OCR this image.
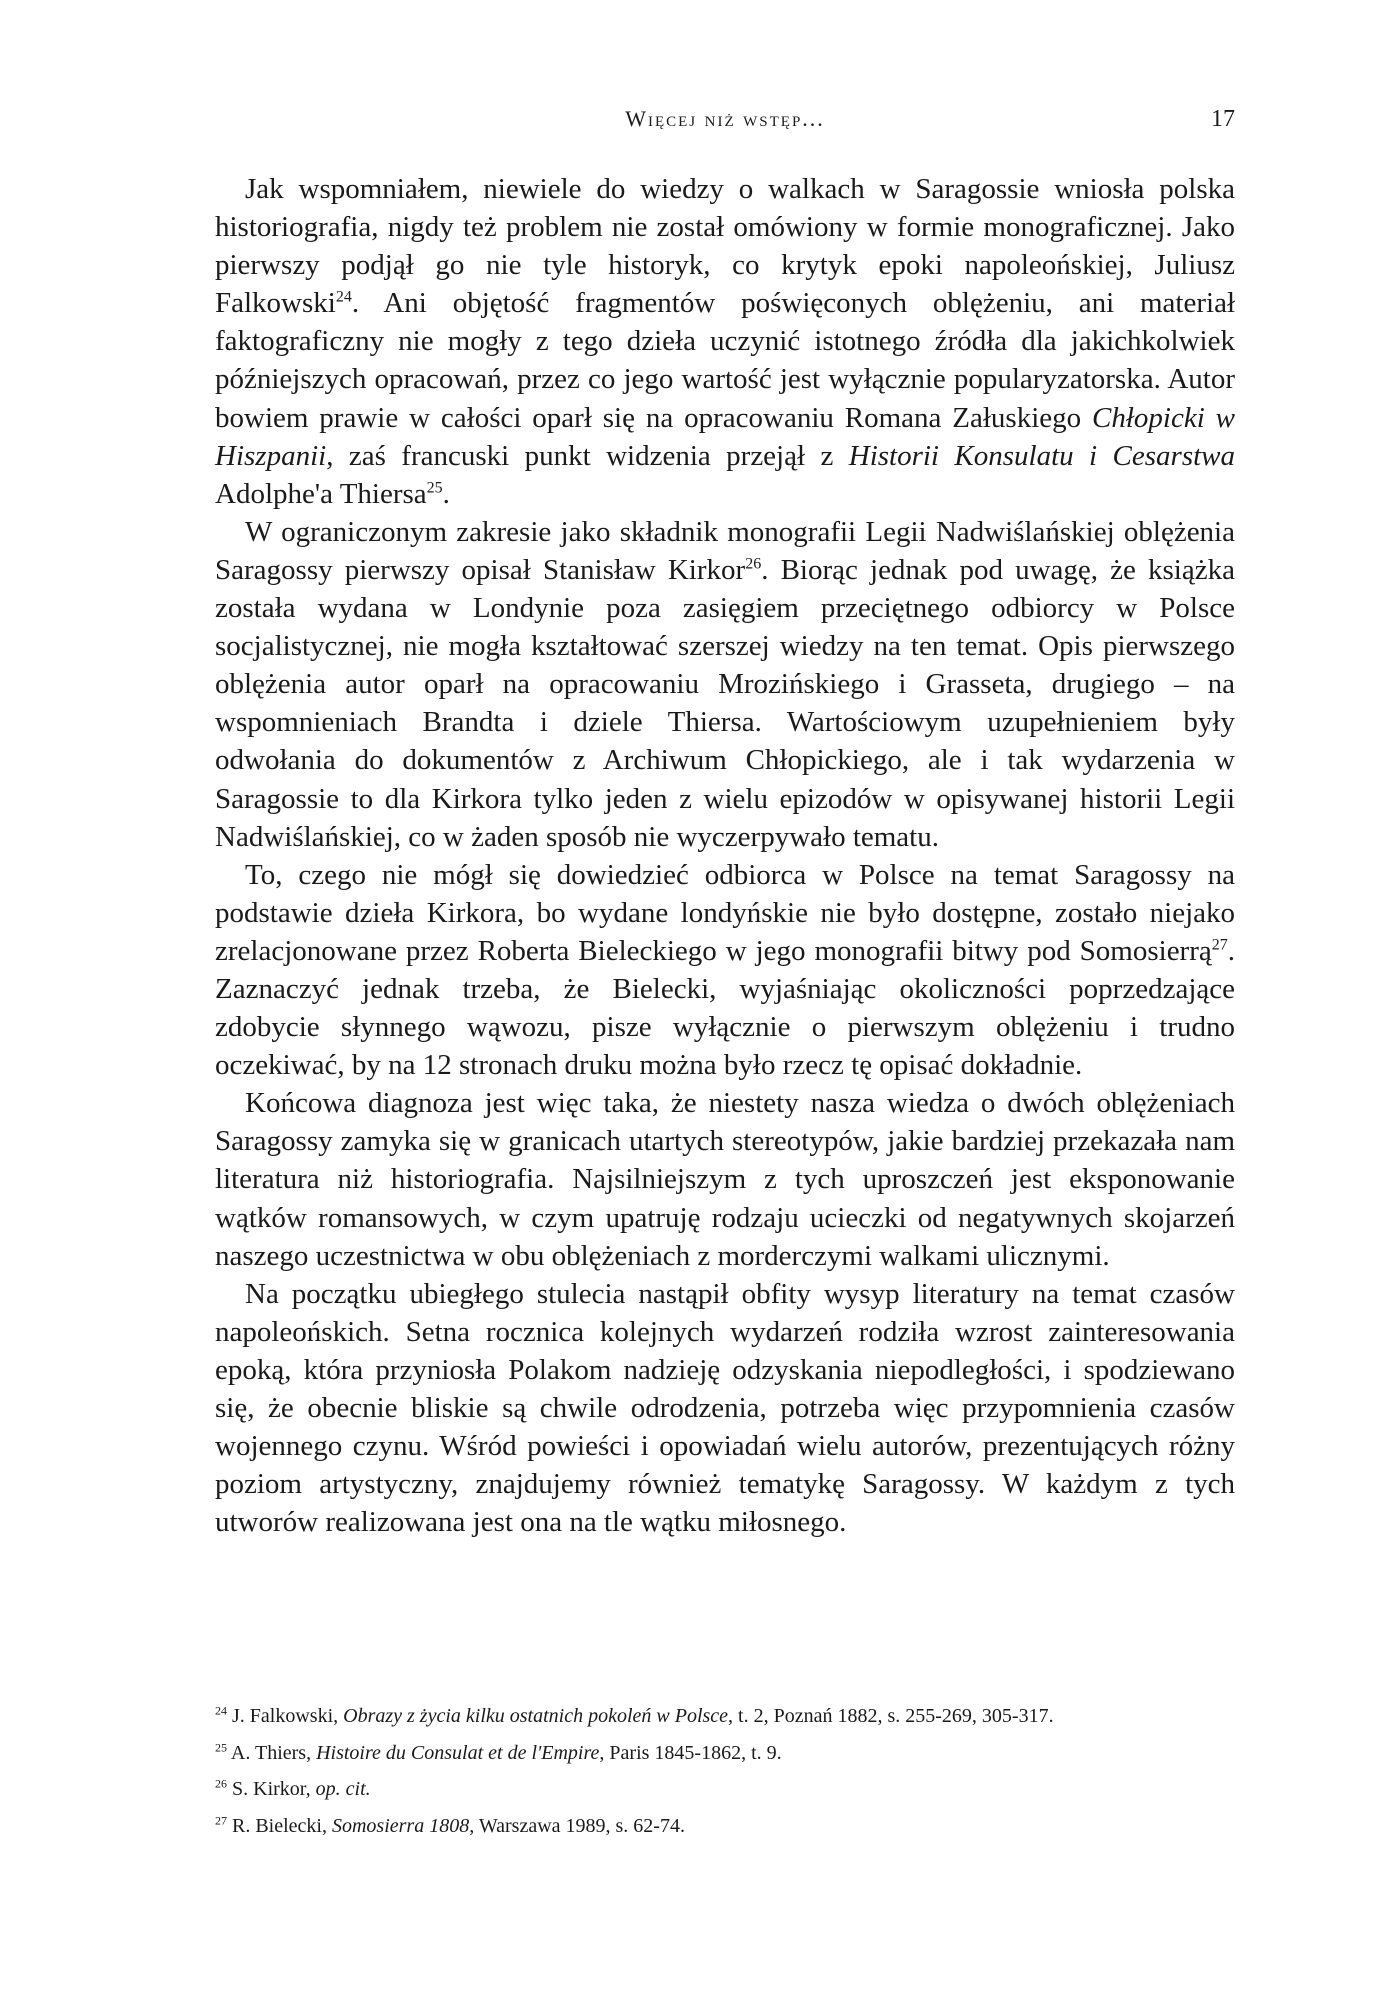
Więcej niż wstęp...	17

Jak wspomniałem, niewiele do wiedzy o walkach w Saragossie wniosła polska historiografia, nigdy też problem nie został omówiony w formie monograficznej. Jako pierwszy podjął go nie tyle historyk, co krytyk epoki napoleońskiej, Juliusz Falkowski$^{24}$. Ani objętość fragmentów poświęconych oblężeniu, ani materiał faktograficzny nie mogły z tego dzieła uczynić istotnego źródła dla jakichkolwiek późniejszych opracowań, przez co jego wartość jest wyłącznie popularyzatorska. Autor bowiem prawie w całości oparł się na opracowaniu Romana Załuskiego Chłopicki w Hiszpanii, zaś francuski punkt widzenia przejął z Historii Konsulatu i Cesarstwa Adolphe'a Thiersa$^{25}$.

W ograniczonym zakresie jako składnik monografii Legii Nadwiślańskiej oblężenia Saragossy pierwszy opisał Stanisław Kirkor$^{26}$. Biorąc jednak pod uwagę, że książka została wydana w Londynie poza zasięgiem przeciętnego odbiorcy w Polsce socjalistycznej, nie mogła kształtować szerszej wiedzy na ten temat. Opis pierwszego oblężenia autor oparł na opracowaniu Mrozińskiego i Grasseta, drugiego – na wspomnieniach Brandta i dziele Thiersa. Wartościowym uzupełnieniem były odwołania do dokumentów z Archiwum Chłopickiego, ale i tak wydarzenia w Saragossie to dla Kirkora tylko jeden z wielu epizodów w opisywanej historii Legii Nadwiślańskiej, co w żaden sposób nie wyczerpywało tematu.

To, czego nie mógł się dowiedzieć odbiorca w Polsce na temat Saragossy na podstawie dzieła Kirkora, bo wydane londyńskie nie było dostępne, zostało niejako zrelacjonowane przez Roberta Bieleckiego w jego monografii bitwy pod Somosierrą$^{27}$. Zaznaczyć jednak trzeba, że Bielecki, wyjaśniając okoliczności poprzedzające zdobycie słynnego wąwozu, pisze wyłącznie o pierwszym oblężeniu i trudno oczekiwać, by na 12 stronach druku można było rzecz tę opisać dokładnie.

Końcowa diagnoza jest więc taka, że niestety nasza wiedza o dwóch oblężeniach Saragossy zamyka się w granicach utartych stereotypów, jakie bardziej przekazała nam literatura niż historiografia. Najsilniejszym z tych uproszczeń jest eksponowanie wątków romansowych, w czym upatruję rodzaju ucieczki od negatywnych skojarzeń naszego uczestnictwa w obu oblężeniach z morderczymi walkami ulicznymi.

Na początku ubiegłego stulecia nastąpił obfity wysyp literatury na temat czasów napoleońskich. Setna rocznica kolejnych wydarzeń rodziła wzrost zainteresowania epoką, która przyniosła Polakom nadzieję odzyskania niepodległości, i spodziewano się, że obecnie bliskie są chwile odrodzenia, potrzeba więc przypomnienia czasów wojennego czynu. Wśród powieści i opowiadań wielu autorów, prezentujących różny poziom artystyczny, znajdujemy również tematykę Saragossy. W każdym z tych utworów realizowana jest ona na tle wątku miłosnego.

$^{24}$ J. Falkowski, Obrazy z życia kilku ostatnich pokoleń w Polsce, t. 2, Poznań 1882, s. 255-269, 305-317.

$^{25}$ A. Thiers, Histoire du Consulat et de l'Empire, Paris 1845-1862, t. 9.

$^{26}$ S. Kirkor, op. cit.

$^{27}$ R. Bielecki, Somosierra 1808, Warszawa 1989, s. 62-74.
